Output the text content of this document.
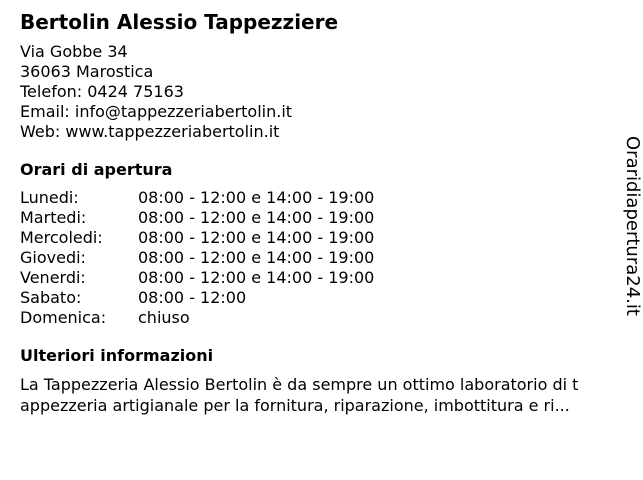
Bertolin Alessio Tappezziere
Via Gobbe 34
36063 Marostica
Telefon: 0424 75163
Email: info@tappezzeriabertolin.it
Web: www.tappezzeriabertolin.it
Orari di apertura
Lunedi:	08:00 - 12:00 e 14:00 - 19:00
Martedi:	08:00 - 12:00 e 14:00 - 19:00
Mercoledi:	08:00 - 12:00 e 14:00 - 19:00
Giovedi:	08:00 - 12:00 e 14:00 - 19:00
Venerdi:	08:00 - 12:00 e 14:00 - 19:00
Sabato:	08:00 - 12:00
Domenica:	chiuso
Ulteriori informazioni
La Tappezzeria Alessio Bertolin è da sempre un ottimo laboratorio di t
appezzeria artigianale per la fornitura, riparazione, imbottitura e ri...
Oraridiapertura24.it
